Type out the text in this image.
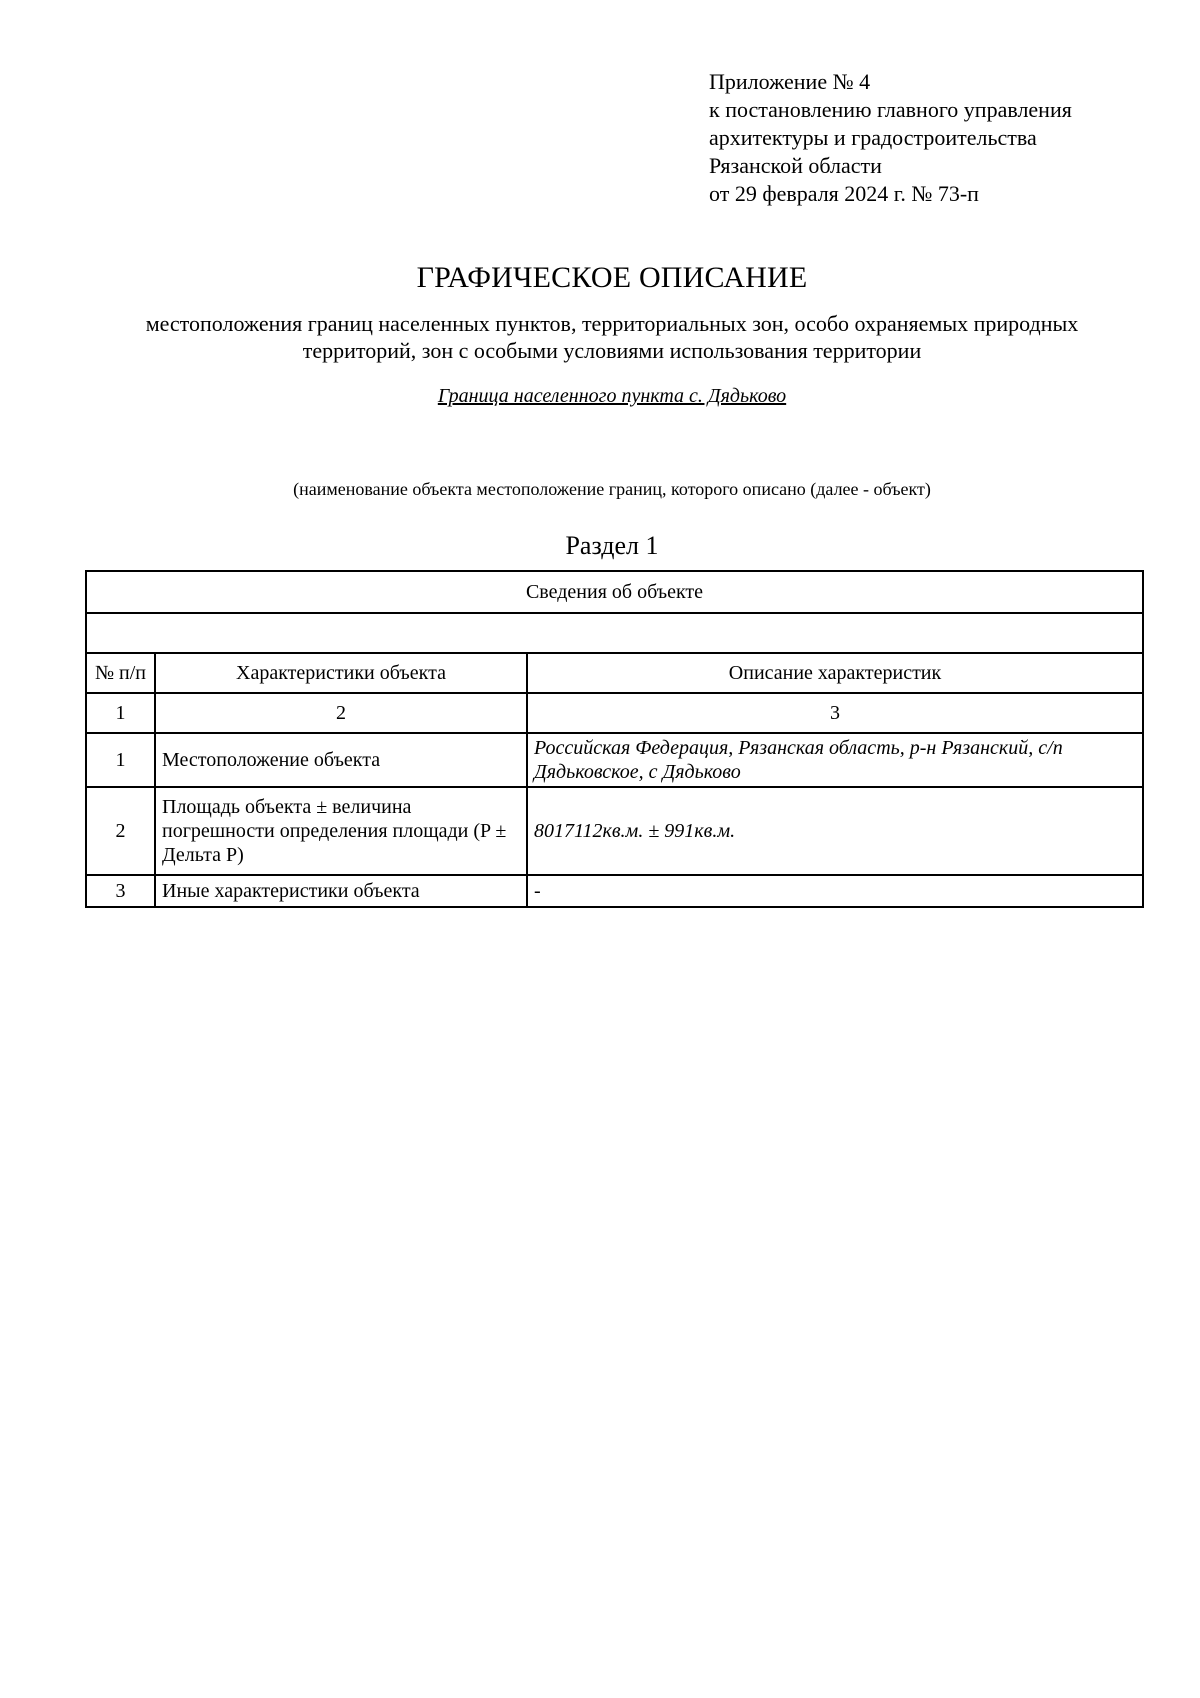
Приложение № 4
к постановлению главного управления
архитектуры и градостроительства
Рязанской области
от 29 февраля 2024 г. № 73-п
ГРАФИЧЕСКОЕ ОПИСАНИЕ
местоположения границ населенных пунктов, территориальных зон, особо охраняемых природных территорий, зон с особыми условиями использования территории
Граница населенного пункта с. Дядьково
(наименование объекта местоположение границ, которого описано (далее - объект)
Раздел 1
Сведения об объекте		

№ п/п	Характеристики объекта	Описание характеристик
1	2	3
1	Местоположение объекта	Российская Федерация, Рязанская область, р-н Рязанский, с/п Дядьковское, с Дядьково
2	Площадь объекта ± величина погрешности определения площади (P ± Дельта P)	8017112кв.м. ± 991кв.м.
3	Иные характеристики объекта	-
